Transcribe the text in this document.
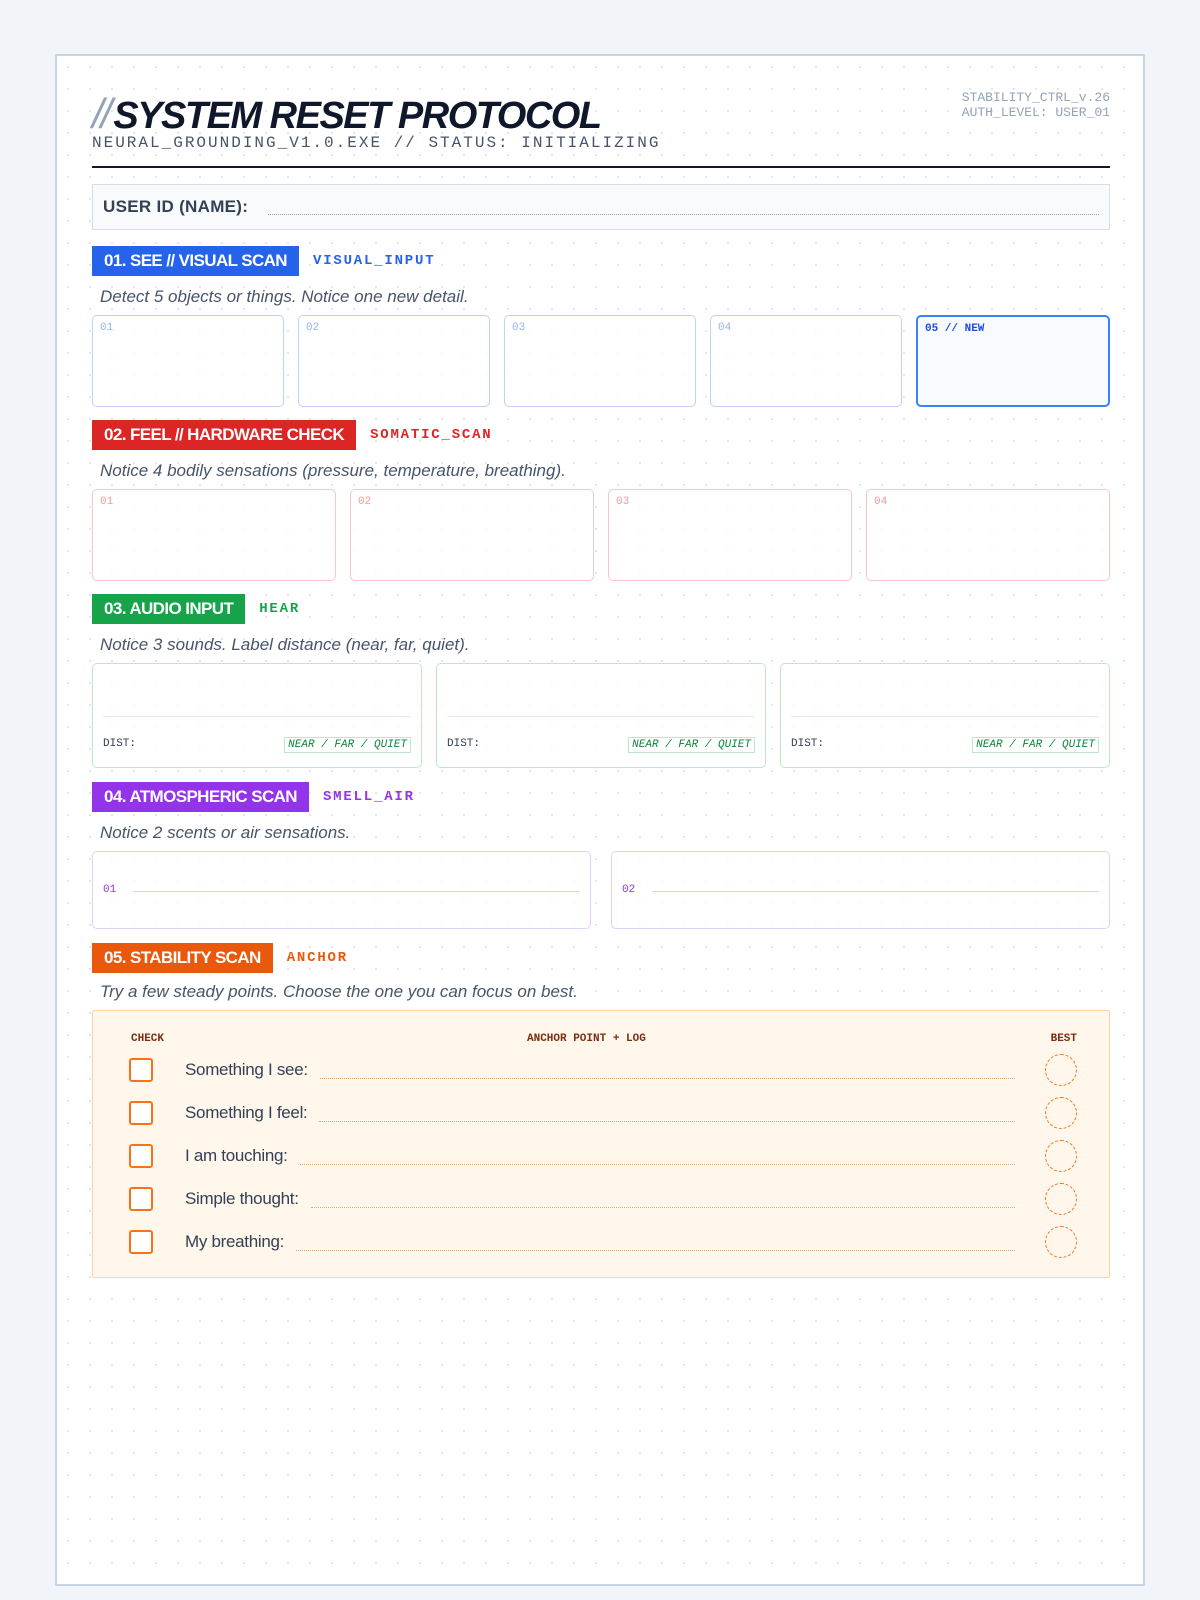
// SYSTEM RESET PROTOCOL
NEURAL_GROUNDING_V1.0.EXE // STATUS: INITIALIZING
STABILITY_CTRL_v.26
AUTH_LEVEL: USER_01
USER ID (NAME):
01. SEE // VISUAL SCAN	VISUAL_INPUT
Detect 5 objects or things. Notice one new detail.
01	02	03	04	05 // NEW
02. FEEL // HARDWARE CHECK	SOMATIC_SCAN
Notice 4 bodily sensations (pressure, temperature, breathing).
01	02	03	04
03. AUDIO INPUT	HEAR
Notice 3 sounds. Label distance (near, far, quiet).
DIST:	NEAR / FAR / QUIET	DIST:	NEAR / FAR / QUIET	DIST:	NEAR / FAR / QUIET
04. ATMOSPHERIC SCAN	SMELL_AIR
Notice 2 scents or air sensations.
01	02
05. STABILITY SCAN	ANCHOR
Try a few steady points. Choose the one you can focus on best.
CHECK	ANCHOR POINT + LOG	BEST
Something I see:
Something I feel:
I am touching:
Simple thought:
My breathing:
